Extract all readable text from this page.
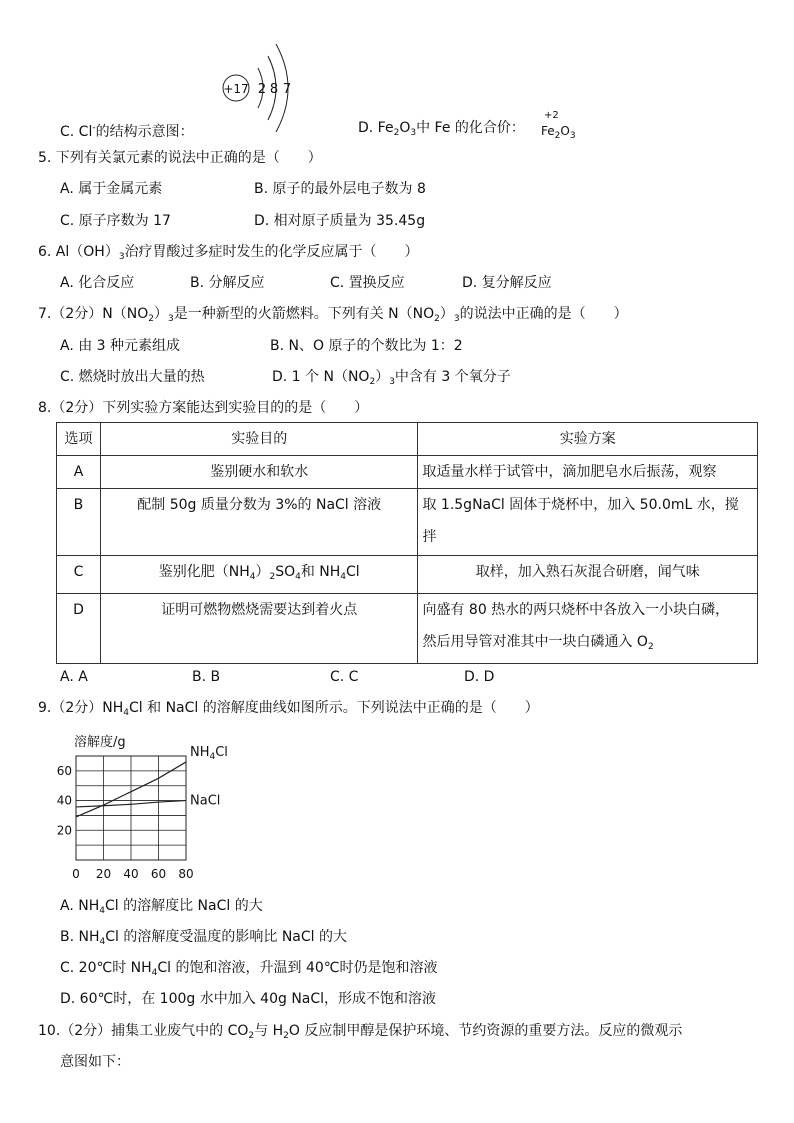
+17 2 8 7
C. Cl-的结构示意图：	D. $Fe_2O_3$中 Fe 的化合价：
+2
$Fe_2O_3$
5. 下列有关氯元素的说法中正确的是（　　）
A. 属于金属元素	B. 原子的最外层电子数为 8
C. 原子序数为 17	D. 相对原子质量为 35.45g
6. $Al(OH)_3$治疗胃酸过多症时发生的化学反应属于（　　）
A. 化合反应	B. 分解反应	C. 置换反应	D. 复分解反应
7.（2分）$N(NO_2)_3$是一种新型的火箭燃料。下列有关 $N(NO_2)_3$的说法中正确的是（　　）
A. 由 3 种元素组成	B. N、O 原子的个数比为 1：2
C. 燃烧时放出大量的热	D. 1 个 $N(NO_2)_3$中含有 3 个氧分子
8.（2分）下列实验方案能达到实验目的的是（　　）
选项	实验目的	实验方案
A	鉴别硬水和软水	取适量水样于试管中，滴加肥皂水后振荡，观察
B	配制 50g 质量分数为 3%的 NaCl 溶液	取 1.5gNaCl 固体于烧杯中，加入 50.0mL 水，搅
拌

C	鉴别化肥$(NH_4)_2SO_4$和 $NH_4Cl$	取样，加入熟石灰混合研磨，闻气味
D	证明可燃物燃烧需要达到着火点	向盛有 80 热水的两只烧杯中各放入一小块白磷，
然后用导管对准其中一块白磷通入 $O_2$
A. A	B. B	C. C	D. D
9.（2分）$NH_4Cl$ 和 NaCl 的溶解度曲线如图所示。下列说法中正确的是（　　）
溶解度/g
0 20 40 60 80
20
40
60
$NH_4Cl$
NaCl
A. $NH_4Cl$ 的溶解度比 NaCl 的大
B. $NH_4Cl$ 的溶解度受温度的影响比 NaCl 的大
C. 20℃时 $NH_4Cl$ 的饱和溶液，升温到 40℃时仍是饱和溶液
D. 60℃时，在 100g 水中加入 40g NaCl，形成不饱和溶液
10.（2分）捕集工业废气中的 $CO_2$与 $H_2O$ 反应制甲醇是保护环境、节约资源的重要方法。反应的微观示
意图如下：
